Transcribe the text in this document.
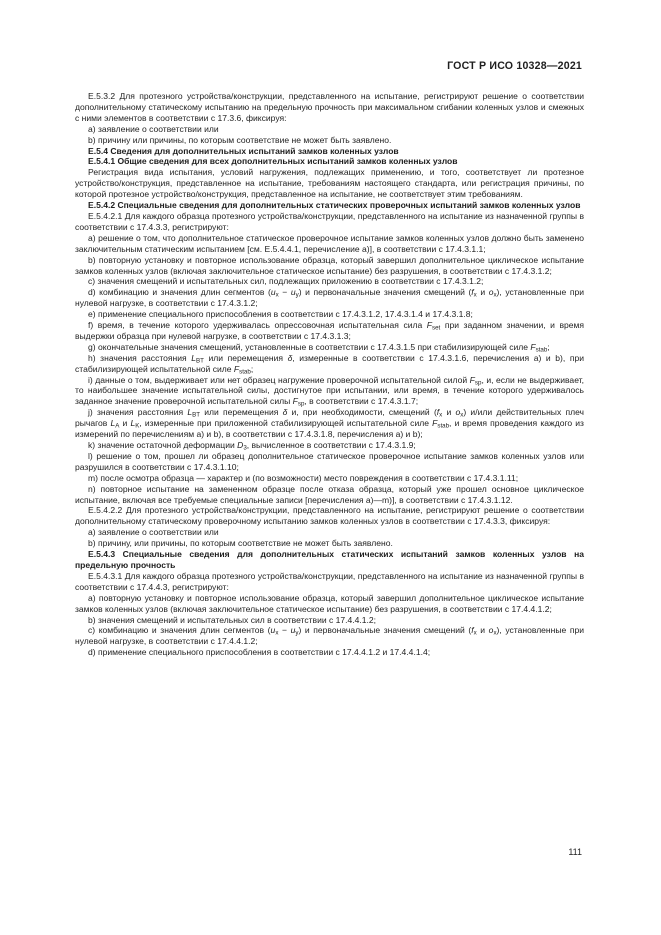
ГОСТ Р ИСО 10328—2021

Е.5.3.2 Для протезного устройства/конструкции, представленного на испытание, регистрируют решение о соответствии дополнительному статическому испытанию на предельную прочность при максимальном сгибании коленных узлов и смежных с ними элементов в соответствии с 17.3.6, фиксируя:

а) заявление о соответствии или

b) причину или причины, по которым соответствие не может быть заявлено.

Е.5.4 Сведения для дополнительных испытаний замков коленных узлов

Е.5.4.1 Общие сведения для всех дополнительных испытаний замков коленных узлов

Регистрация вида испытания, условий нагружения, подлежащих применению, и того, соответствует ли протезное устройство/конструкция, представленное на испытание, требованиям настоящего стандарта, или регистрация причины, по которой протезное устройство/конструкция, представленное на испытание, не соответствует этим требованиям.

Е.5.4.2 Специальные сведения для дополнительных статических проверочных испытаний замков коленных узлов

Е.5.4.2.1 Для каждого образца протезного устройства/конструкции, представленного на испытание из назначенной группы в соответствии с 17.4.3.3, регистрируют:

а) решение о том, что дополнительное статическое проверочное испытание замков коленных узлов должно быть заменено заключительным статическим испытанием [см. Е.5.4.4.1, перечисление а)], в соответствии с 17.4.3.1.1;

b) повторную установку и повторное использование образца, который завершил дополнительное циклическое испытание замков коленных узлов (включая заключительное статическое испытание) без разрушения, в соответствии с 17.4.3.1.2;

c) значения смещений и испытательных сил, подлежащих приложению в соответствии с 17.4.3.1.2;

d) комбинацию и значения длин сегментов $(u_x - u_y)$ и первоначальные значения смещений ($f_x$ и $o_x$), установленные при нулевой нагрузке, в соответствии с 17.4.3.1.2;

e) применение специального приспособления в соответствии с 17.4.3.1.2, 17.4.3.1.4 и 17.4.3.1.8;

f) время, в течение которого удерживалась опрессовочная испытательная сила $F_{set}$ при заданном значении, и время выдержки образца при нулевой нагрузке, в соответствии с 17.4.3.1.3;

g) окончательные значения смещений, установленные в соответствии с 17.4.3.1.5 при стабилизирующей силе $F_{stab}$;

h) значения расстояния $L_{BT}$ или перемещения δ, измеренные в соответствии с 17.4.3.1.6, перечисления а) и b), при стабилизирующей испытательной силе $F_{stab}$;

i) данные о том, выдерживает или нет образец нагружение проверочной испытательной силой $F_{sp}$, и, если не выдерживает, то наибольшее значение испытательной силы, достигнутое при испытании, или время, в течение которого удерживалось заданное значение проверочной испытательной силы $F_{sp}$, в соответствии с 17.4.3.1.7;

j) значения расстояния $L_{BT}$ или перемещения δ и, при необходимости, смещений ($f_x$ и $o_x$) и/или действительных плеч рычагов $L_A$ и $L_K$, измеренные при приложенной стабилизирующей испытательной силе $F_{stab}$, и время проведения каждого из измерений по перечислениям а) и b), в соответствии с 17.4.3.1.8, перечисления а) и b);

k) значение остаточной деформации $D_3$, вычисленное в соответствии с 17.4.3.1.9;

l) решение о том, прошел ли образец дополнительное статическое проверочное испытание замков коленных узлов или разрушился в соответствии с 17.4.3.1.10;

m) после осмотра образца — характер и (по возможности) место повреждения в соответствии с 17.4.3.1.11;

n) повторное испытание на замененном образце после отказа образца, который уже прошел основное циклическое испытание, включая все требуемые специальные записи [перечисления а)—m)], в соответствии с 17.4.3.1.12.

Е.5.4.2.2 Для протезного устройства/конструкции, представленного на испытание, регистрируют решение о соответствии дополнительному статическому проверочному испытанию замков коленных узлов в соответствии с 17.4.3.3, фиксируя:

а) заявление о соответствии или

b) причину, или причины, по которым соответствие не может быть заявлено.

Е.5.4.3 Специальные сведения для дополнительных статических испытаний замков коленных узлов на предельную прочность

Е.5.4.3.1 Для каждого образца протезного устройства/конструкции, представленного на испытание из назначенной группы в соответствии с 17.4.4.3, регистрируют:

а) повторную установку и повторное использование образца, который завершил дополнительное циклическое испытание замков коленных узлов (включая заключительное статическое испытание) без разрушения, в соответствии с 17.4.4.1.2;

b) значения смещений и испытательных сил в соответствии с 17.4.4.1.2;

c) комбинацию и значения длин сегментов $(u_x - u_y)$ и первоначальные значения смещений ($f_x$ и $o_x$), установленные при нулевой нагрузке, в соответствии с 17.4.4.1.2;

d) применение специального приспособления в соответствии с 17.4.4.1.2 и 17.4.4.1.4;

111
